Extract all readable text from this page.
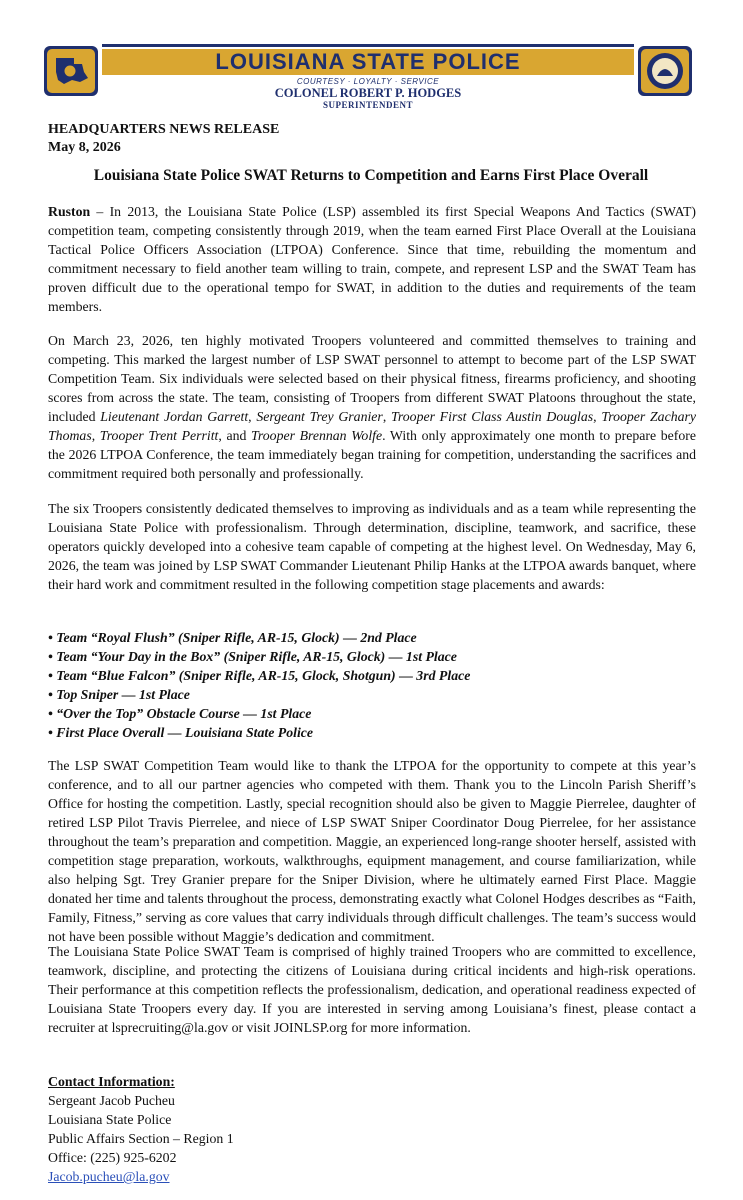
LOUISIANA STATE POLICE
COURTESY · LOYALTY · SERVICE
COLONEL ROBERT P. HODGES
SUPERINTENDENT
HEADQUARTERS NEWS RELEASE
May 8, 2026
Louisiana State Police SWAT Returns to Competition and Earns First Place Overall

Ruston – In 2013, the Louisiana State Police (LSP) assembled its first Special Weapons And Tactics (SWAT) competition team, competing consistently through 2019, when the team earned First Place Overall at the Louisiana Tactical Police Officers Association (LTPOA) Conference. Since that time, rebuilding the momentum and commitment necessary to field another team willing to train, compete, and represent LSP and the SWAT Team has proven difficult due to the operational tempo for SWAT, in addition to the duties and requirements of the team members.

On March 23, 2026, ten highly motivated Troopers volunteered and committed themselves to training and competing. This marked the largest number of LSP SWAT personnel to attempt to become part of the LSP SWAT Competition Team. Six individuals were selected based on their physical fitness, firearms proficiency, and shooting scores from across the state. The team, consisting of Troopers from different SWAT Platoons throughout the state, included Lieutenant Jordan Garrett, Sergeant Trey Granier, Trooper First Class Austin Douglas, Trooper Zachary Thomas, Trooper Trent Perritt, and Trooper Brennan Wolfe. With only approximately one month to prepare before the 2026 LTPOA Conference, the team immediately began training for competition, understanding the sacrifices and commitment required both personally and professionally.

The six Troopers consistently dedicated themselves to improving as individuals and as a team while representing the Louisiana State Police with professionalism. Through determination, discipline, teamwork, and sacrifice, these operators quickly developed into a cohesive team capable of competing at the highest level. On Wednesday, May 6, 2026, the team was joined by LSP SWAT Commander Lieutenant Philip Hanks at the LTPOA awards banquet, where their hard work and commitment resulted in the following competition stage placements and awards:

• Team “Royal Flush” (Sniper Rifle, AR-15, Glock) — 2nd Place
• Team “Your Day in the Box” (Sniper Rifle, AR-15, Glock) — 1st Place
• Team “Blue Falcon” (Sniper Rifle, AR-15, Glock, Shotgun) — 3rd Place
• Top Sniper — 1st Place
• “Over the Top” Obstacle Course — 1st Place
• First Place Overall — Louisiana State Police

The LSP SWAT Competition Team would like to thank the LTPOA for the opportunity to compete at this year’s conference, and to all our partner agencies who competed with them. Thank you to the Lincoln Parish Sheriff’s Office for hosting the competition. Lastly, special recognition should also be given to Maggie Pierrelee, daughter of retired LSP Pilot Travis Pierrelee, and niece of LSP SWAT Sniper Coordinator Doug Pierrelee, for her assistance throughout the team’s preparation and competition. Maggie, an experienced long-range shooter herself, assisted with competition stage preparation, workouts, walkthroughs, equipment management, and course familiarization, while also helping Sgt. Trey Granier prepare for the Sniper Division, where he ultimately earned First Place. Maggie donated her time and talents throughout the process, demonstrating exactly what Colonel Hodges describes as “Faith, Family, Fitness,” serving as core values that carry individuals through difficult challenges. The team’s success would not have been possible without Maggie’s dedication and commitment.

The Louisiana State Police SWAT Team is comprised of highly trained Troopers who are committed to excellence, teamwork, discipline, and protecting the citizens of Louisiana during critical incidents and high-risk operations. Their performance at this competition reflects the professionalism, dedication, and operational readiness expected of Louisiana State Troopers every day. If you are interested in serving among Louisiana’s finest, please contact a recruiter at lsprecruiting@la.gov or visit JOINLSP.org for more information.

Contact Information:
Sergeant Jacob Pucheu
Louisiana State Police
Public Affairs Section – Region 1
Office: (225) 925-6202
Jacob.pucheu@la.gov
